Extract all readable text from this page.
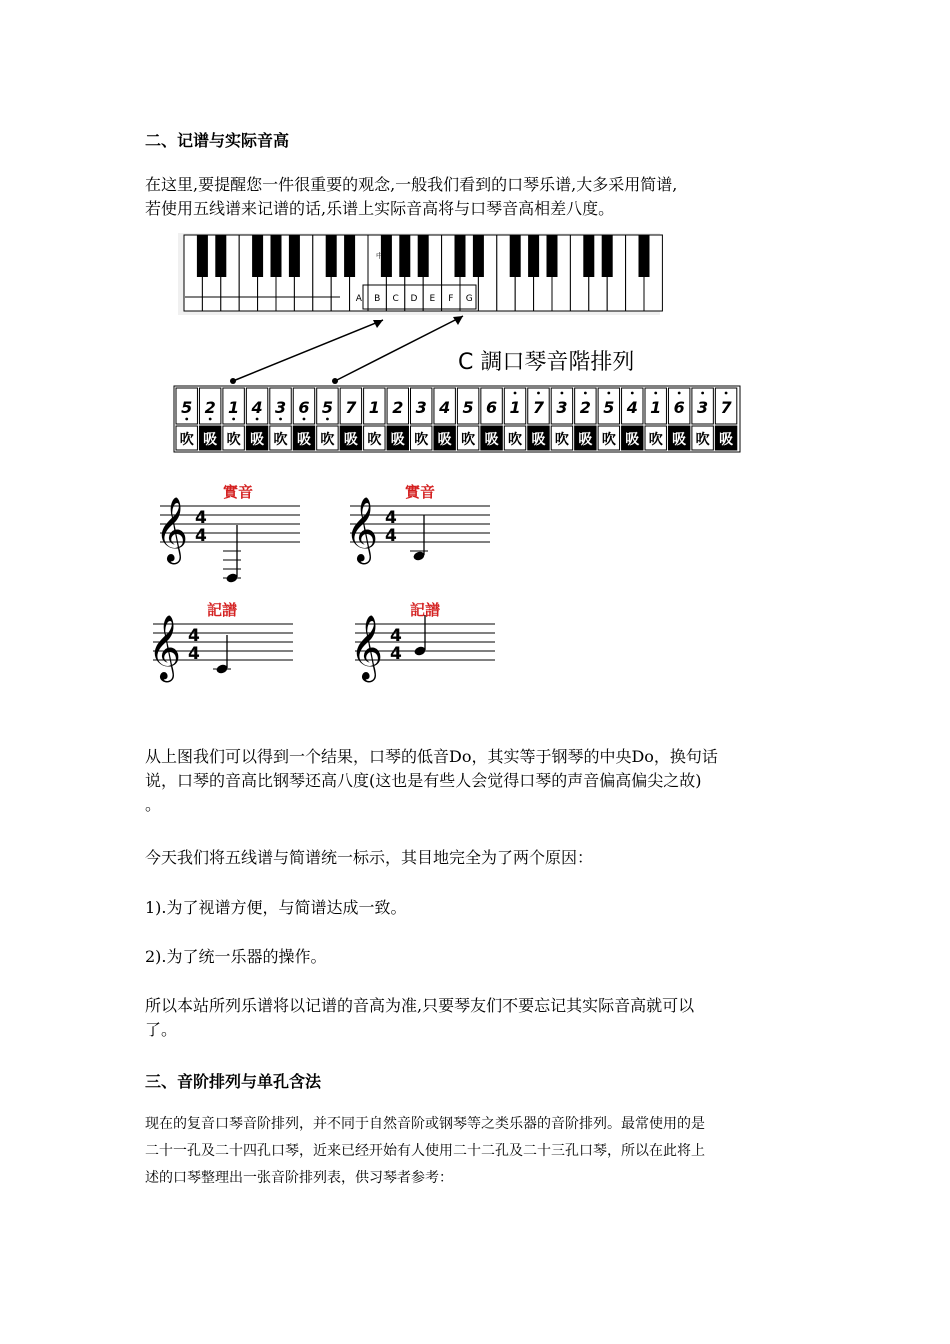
二、记谱与实际音高
在这里,要提醒您一件很重要的观念,一般我们看到的口琴乐谱,大多采用简谱,
若使用五线谱来记谱的话,乐谱上实际音高将与口琴音高相差八度。
中央
A B C D E F G
C 調口琴音階排列
5
吹
2
吸
1
吹
4
吸
3
吹
6
吸
5
吹
7
吸
1
吹
2
吸
3
吹
4
吸
5
吹
6
吸
1
吹
7
吸
3
吹
2
吸
5
吹
4
吸
1
吹
6
吸
3
吹
7
吸
𝄞 4
4
實音
𝄞 4
4
實音
𝄞 4
4
記譜
𝄞 4
4
記譜
从上图我们可以得到一个结果，口琴的低音Do，其实等于钢琴的中央Do，换句话
说，口琴的音高比钢琴还高八度(这也是有些人会觉得口琴的声音偏高偏尖之故)
。
今天我们将五线谱与简谱统一标示，其目地完全为了两个原因：
1).为了视谱方便，与简谱达成一致。
2).为了统一乐器的操作。
所以本站所列乐谱将以记谱的音高为准,只要琴友们不要忘记其实际音高就可以
了。
三、音阶排列与单孔含法
现在的复音口琴音阶排列，并不同于自然音阶或钢琴等之类乐器的音阶排列。最常使用的是
二十一孔及二十四孔口琴，近来已经开始有人使用二十二孔及二十三孔口琴，所以在此将上
述的口琴整理出一张音阶排列表，供习琴者参考：
